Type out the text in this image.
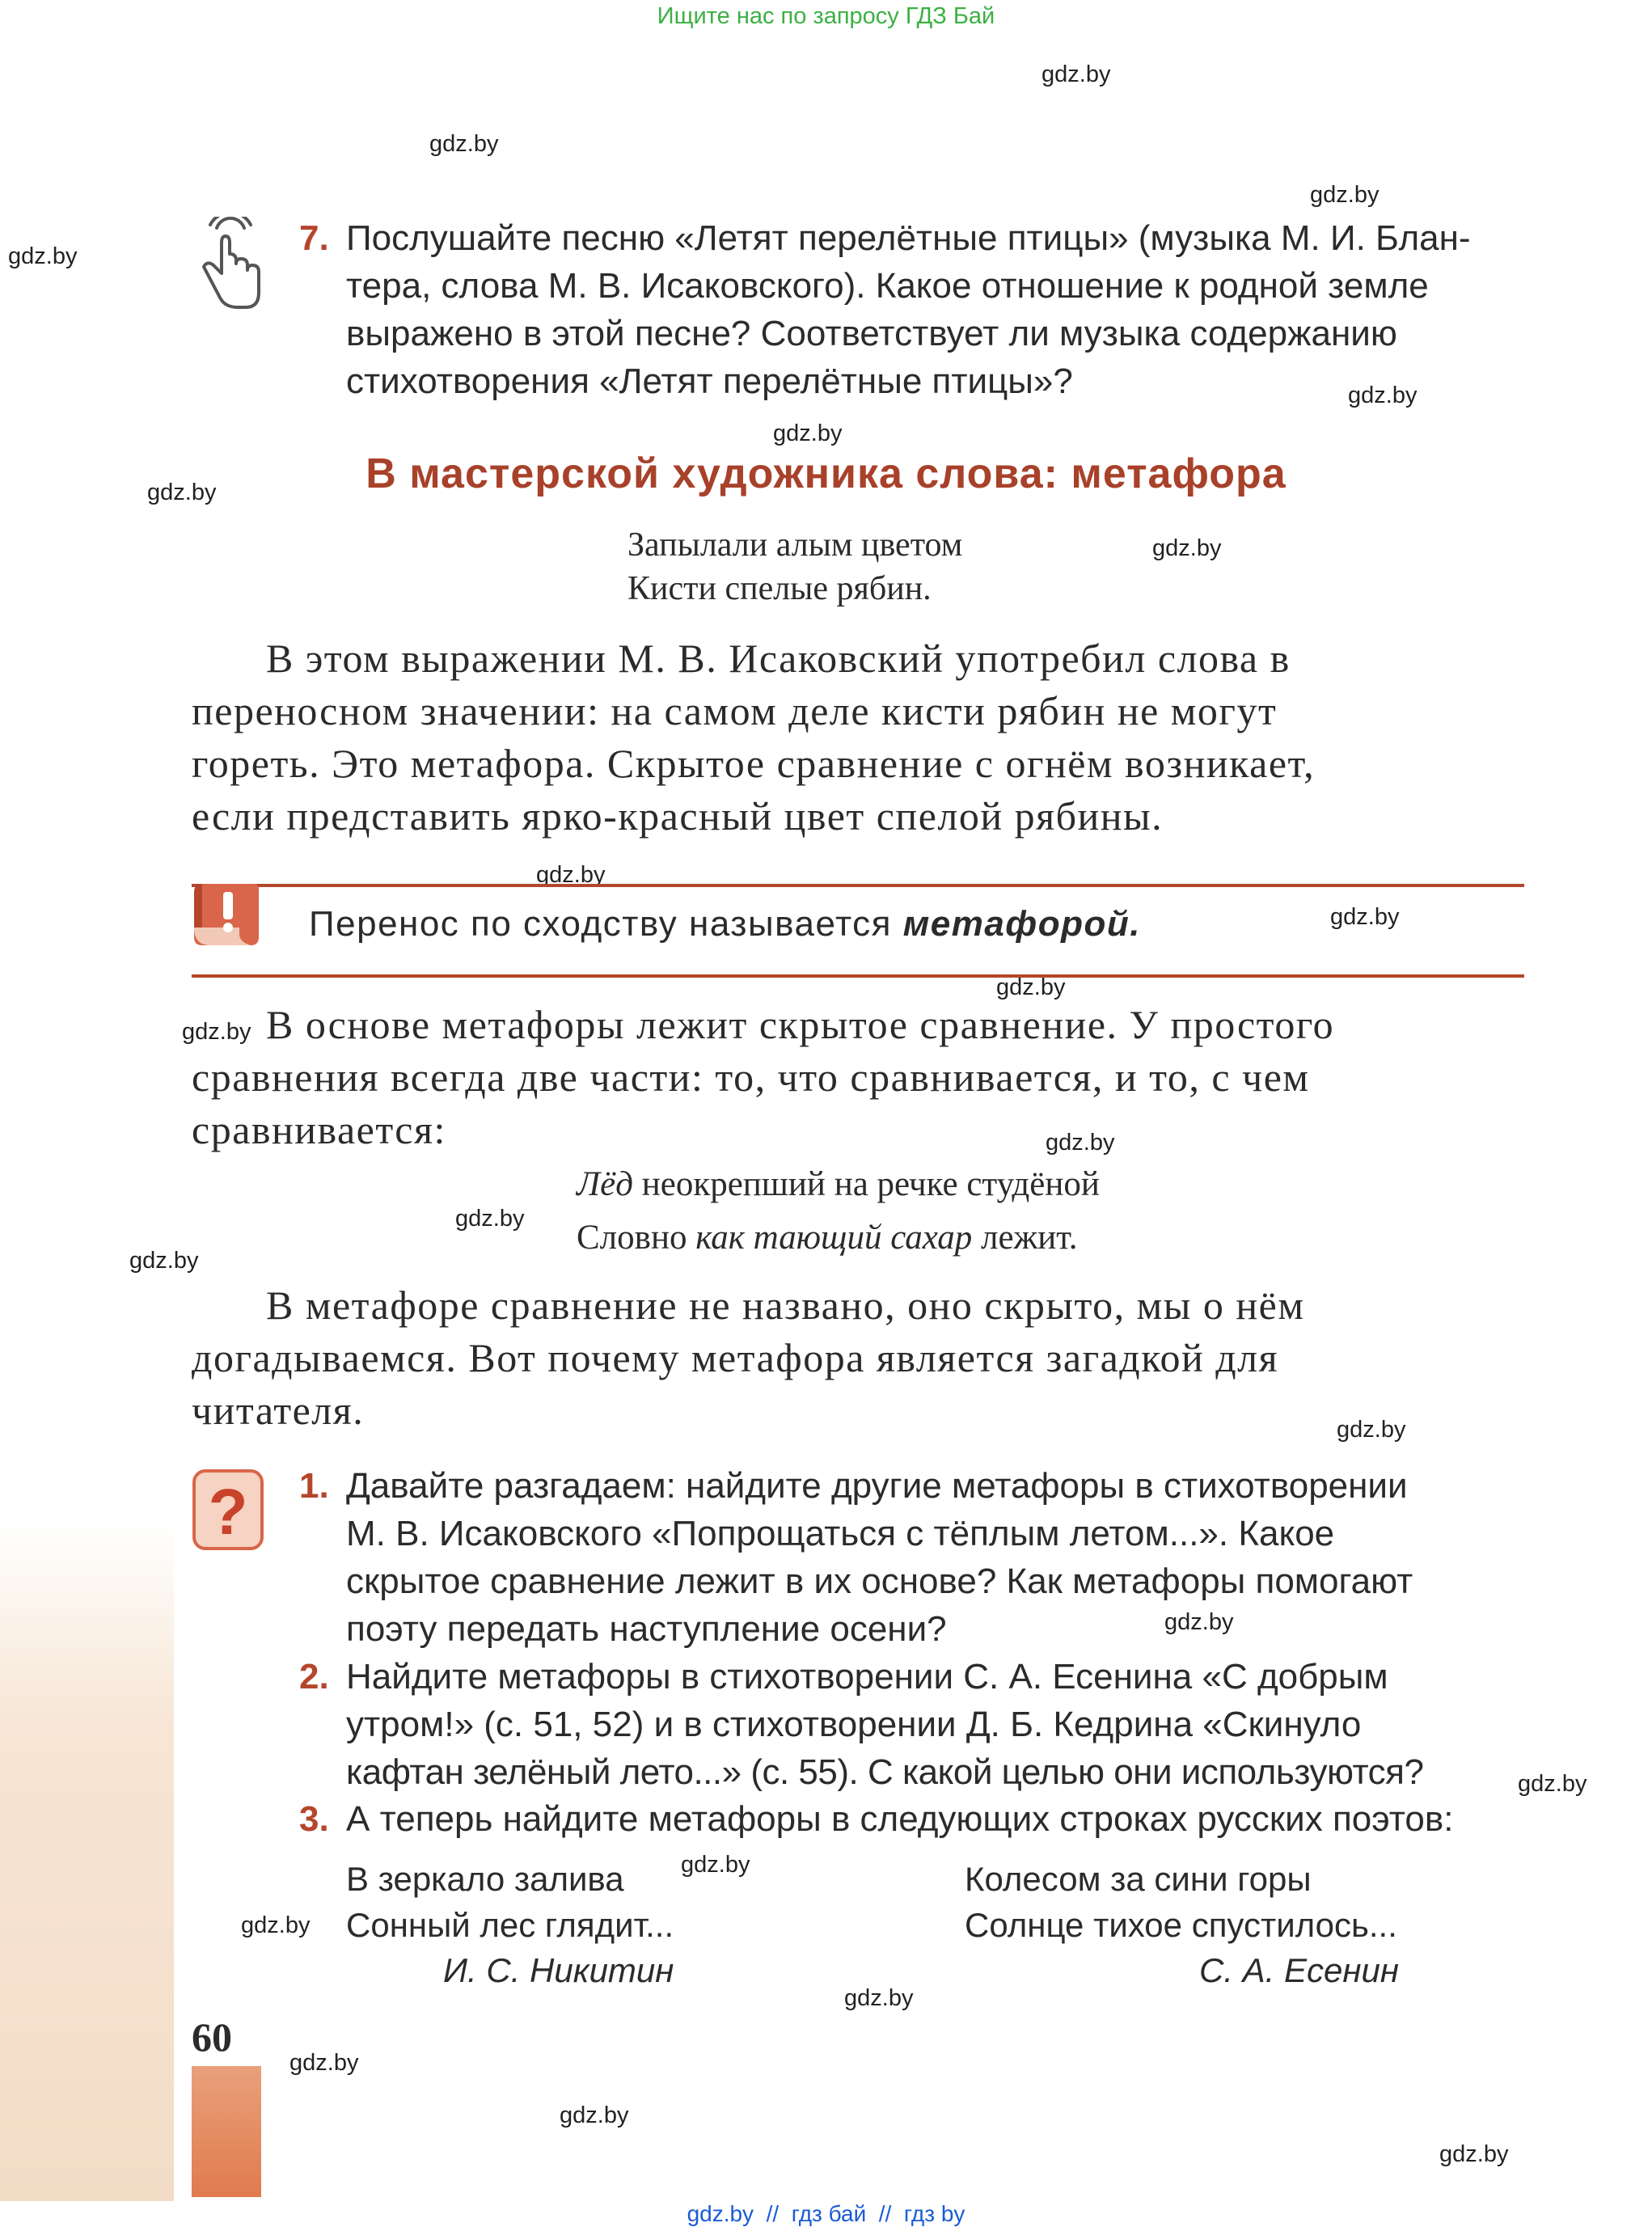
Ищите нас по запросу ГДЗ Бай
gdz.by
gdz.by
gdz.by
gdz.by
gdz.by
gdz.by
gdz.by
gdz.by
gdz.by
gdz.by
gdz.by
gdz.by
gdz.by
gdz.by
gdz.by
gdz.by
gdz.by
gdz.by
gdz.by
gdz.by
gdz.by
gdz.by
gdz.by
gdz.by
7. Послушайте песню «Летят перелётные птицы» (музыка М. И. Блан-
тера, слова М. В. Исаковского). Какое отношение к родной земле
выражено в этой песне? Соответствует ли музыка содержанию
стихотворения «Летят перелётные птицы»?
В мастерской художника слова: метафора
Запылали алым цветом
Кисти спелые рябин.
В этом выражении М. В. Исаковский употребил слова в
переносном значении: на самом деле кисти рябин не могут
гореть. Это метафора. Скрытое сравнение с огнём возникает,
если представить ярко-красный цвет спелой рябины.
Перенос по сходству называется метафорой.
В основе метафоры лежит скрытое сравнение. У простого
сравнения всегда две части: то, что сравнивается, и то, с чем
сравнивается:
Лёд неокрепший на речке студёной
Словно как тающий сахар лежит.
В метафоре сравнение не названо, оно скрыто, мы о нём
догадываемся. Вот почему метафора является загадкой для
читателя.
? 1. Давайте разгадаем: найдите другие метафоры в стихотворении
М. В. Исаковского «Попрощаться с тёплым летом...». Какое
скрытое сравнение лежит в их основе? Как метафоры помогают
поэту передать наступление осени?
2. Найдите метафоры в стихотворении С. А. Есенина «С добрым
утром!» (с. 51, 52) и в стихотворении Д. Б. Кедрина «Скинуло
кафтан зелёный лето...» (с. 55). С какой целью они используются?
3. А теперь найдите метафоры в следующих строках русских поэтов:
В зеркало залива
Сонный лес глядит...
И. С. Никитин
Колесом за сини горы
Солнце тихое спустилось...
С. А. Есенин
60
gdz.by  //  гдз бай  //  гдз by
